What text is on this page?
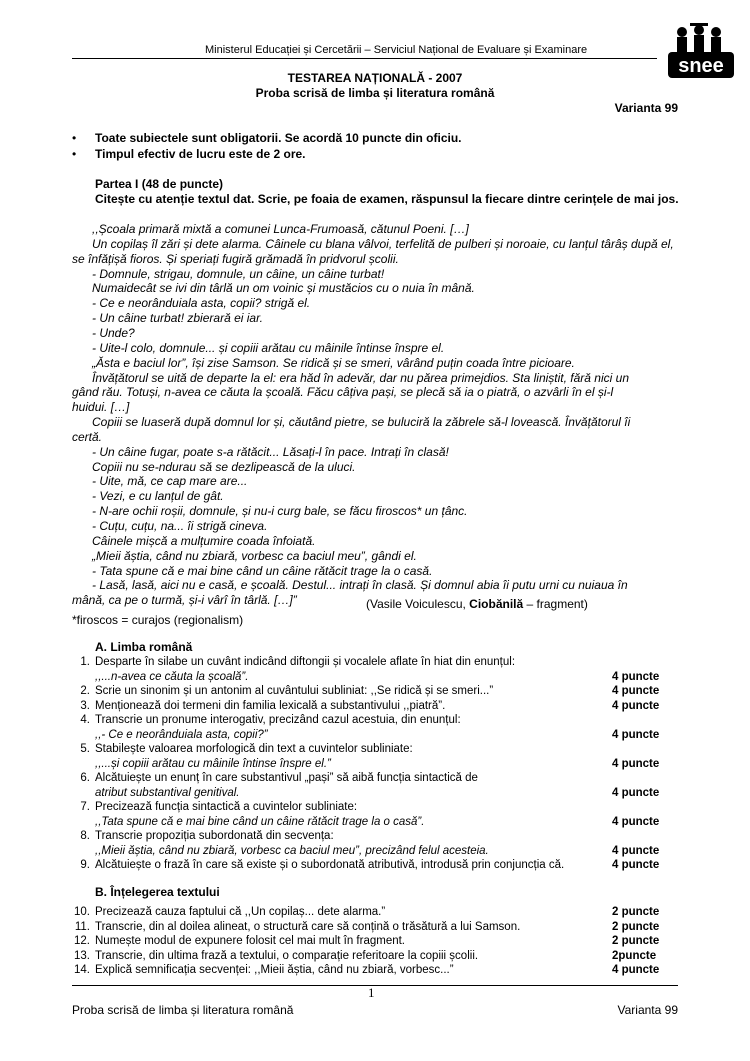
Ministerul Educației și Cercetării – Serviciul Național de Evaluare și Examinare
snee
TESTAREA NAȚIONALĂ - 2007
Proba scrisă de limba și literatura română
Varianta 99
• Toate subiectele sunt obligatorii. Se acordă 10 puncte din oficiu.
• Timpul efectiv de lucru este de 2 ore.
Partea I (48 de puncte)
Citește cu atenție textul dat. Scrie, pe foaia de examen, răspunsul la fiecare dintre cerințele de mai jos.
,,Școala primară mixtă a comunei Lunca-Frumoasă, cătunul Poeni. […]
Un copilaș îl zări și dete alarma. Câinele cu blana vâlvoi, terfelită de pulberi și noroaie, cu lanțul târâș după el,
se înfățișă fioros. Și speriați fugiră grămadă în pridvorul școlii.
- Domnule, strigau, domnule, un câine, un câine turbat!
Numaidecât se ivi din târlă un om voinic și mustăcios cu o nuia în mână.
- Ce e neorânduiala asta, copii? strigă el.
- Un câine turbat! zbierară ei iar.
- Unde?
- Uite-l colo, domnule... și copiii arătau cu mâinile întinse înspre el.
„Ăsta e baciul lor”, își zise Samson. Se ridică și se smeri, vârând puțin coada între picioare.
Învățătorul se uită de departe la el: era hăd în adevăr, dar nu părea primejdios. Sta liniștit, fără nici un
gând rău. Totuși, n-avea ce căuta la școală. Făcu câțiva pași, se plecă să ia o piatră, o azvârli în el și-l
huidui. […]
Copiii se luaseră după domnul lor și, căutând pietre, se buluciră la zăbrele să-l lovească. Învățătorul îi
certă.
- Un câine fugar, poate s-a rătăcit... Lăsați-l în pace. Intrați în clasă!
Copiii nu se-ndurau să se dezlipească de la uluci.
- Uite, mă, ce cap mare are...
- Vezi, e cu lanțul de gât.
- N-are ochii roșii, domnule, și nu-i curg bale, se făcu firoscos* un țânc.
- Cuțu, cuțu, na... îi strigă cineva.
Câinele mișcă a mulțumire coada înfoiată.
„Mieii ăștia, când nu zbiară, vorbesc ca baciul meu”, gândi el.
- Tata spune că e mai bine când un câine rătăcit trage la o casă.
- Lasă, lasă, aici nu e casă, e școală. Destul... intrați în clasă. Și domnul abia îi putu urni cu nuiaua în
mână, ca pe o turmă, și-i vârî în târlă. […]”	(Vasile Voiculescu, Ciobănilă – fragment)
*firoscos = curajos (regionalism)
A. Limba română
1. Desparte în silabe un cuvânt indicând diftongii și vocalele aflate în hiat din enunțul:
,,...n-avea ce căuta la școală”.	4 puncte
2. Scrie un sinonim și un antonim al cuvântului subliniat: ,,Se ridică și se smeri...”	4 puncte
3. Menționează doi termeni din familia lexicală a substantivului ,,piatră”.	4 puncte
4. Transcrie un pronume interogativ, precizând cazul acestuia, din enunțul:
,,- Ce e neorânduiala asta, copii?”	4 puncte
5. Stabilește valoarea morfologică din text a cuvintelor subliniate:
,,...și copiii arătau cu mâinile întinse înspre el.”	4 puncte
6. Alcătuiește un enunț în care substantivul „pași” să aibă funcția sintactică de
atribut substantival genitival.	4 puncte
7. Precizează funcția sintactică a cuvintelor subliniate:
,,Tata spune că e mai bine când un câine rătăcit trage la o casă”.	4 puncte
8. Transcrie propoziția subordonată din secvența:
,,Mieii ăștia, când nu zbiară, vorbesc ca baciul meu”, precizând felul acesteia.	4 puncte
9. Alcătuiește o frază în care să existe și o subordonată atributivă, introdusă prin conjuncția că.	4 puncte
B. Înțelegerea textului
10. Precizează cauza faptului că ,,Un copilaș... dete alarma.”	2 puncte
11. Transcrie, din al doilea alineat, o structură care să conțină o trăsătură a lui Samson.	2 puncte
12. Numește modul de expunere folosit cel mai mult în fragment.	2 puncte
13. Transcrie, din ultima frază a textului, o comparație referitoare la copiii școlii.	2puncte
14. Explică semnificația secvenței: ,,Mieii ăștia, când nu zbiară, vorbesc...”	4 puncte
1
Proba scrisă de limba și literatura română	Varianta 99
